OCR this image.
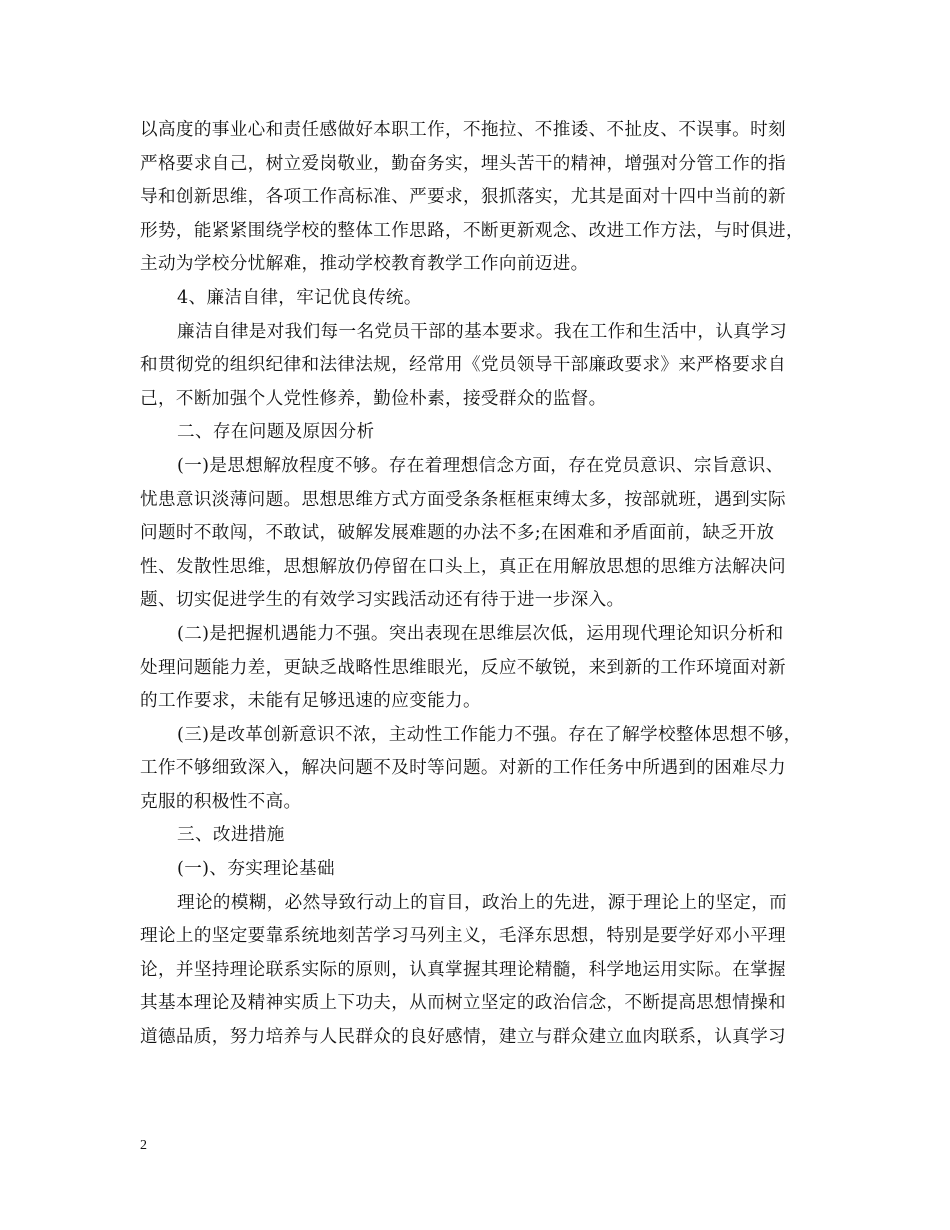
以高度的事业心和责任感做好本职工作，不拖拉、不推诿、不扯皮、不误事。时刻
严格要求自己，树立爱岗敬业，勤奋务实，埋头苦干的精神，增强对分管工作的指
导和创新思维，各项工作高标准、严要求，狠抓落实，尤其是面对十四中当前的新
形势，能紧紧围绕学校的整体工作思路，不断更新观念、改进工作方法，与时俱进，
主动为学校分忧解难，推动学校教育教学工作向前迈进。
4、廉洁自律，牢记优良传统。
廉洁自律是对我们每一名党员干部的基本要求。我在工作和生活中，认真学习
和贯彻党的组织纪律和法律法规，经常用《党员领导干部廉政要求》来严格要求自
己，不断加强个人党性修养，勤俭朴素，接受群众的监督。
二、存在问题及原因分析
(一)是思想解放程度不够。存在着理想信念方面，存在党员意识、宗旨意识、
忧患意识淡薄问题。思想思维方式方面受条条框框束缚太多，按部就班，遇到实际
问题时不敢闯，不敢试，破解发展难题的办法不多;在困难和矛盾面前，缺乏开放
性、发散性思维，思想解放仍停留在口头上，真正在用解放思想的思维方法解决问
题、切实促进学生的有效学习实践活动还有待于进一步深入。
(二)是把握机遇能力不强。突出表现在思维层次低，运用现代理论知识分析和
处理问题能力差，更缺乏战略性思维眼光，反应不敏锐，来到新的工作环境面对新
的工作要求，未能有足够迅速的应变能力。
(三)是改革创新意识不浓，主动性工作能力不强。存在了解学校整体思想不够，
工作不够细致深入，解决问题不及时等问题。对新的工作任务中所遇到的困难尽力
克服的积极性不高。
三、改进措施
(一)、夯实理论基础
理论的模糊，必然导致行动上的盲目，政治上的先进，源于理论上的坚定，而
理论上的坚定要靠系统地刻苦学习马列主义，毛泽东思想，特别是要学好邓小平理
论，并坚持理论联系实际的原则，认真掌握其理论精髓，科学地运用实际。在掌握
其基本理论及精神实质上下功夫，从而树立坚定的政治信念，不断提高思想情操和
道德品质，努力培养与人民群众的良好感情，建立与群众建立血肉联系，认真学习
2
